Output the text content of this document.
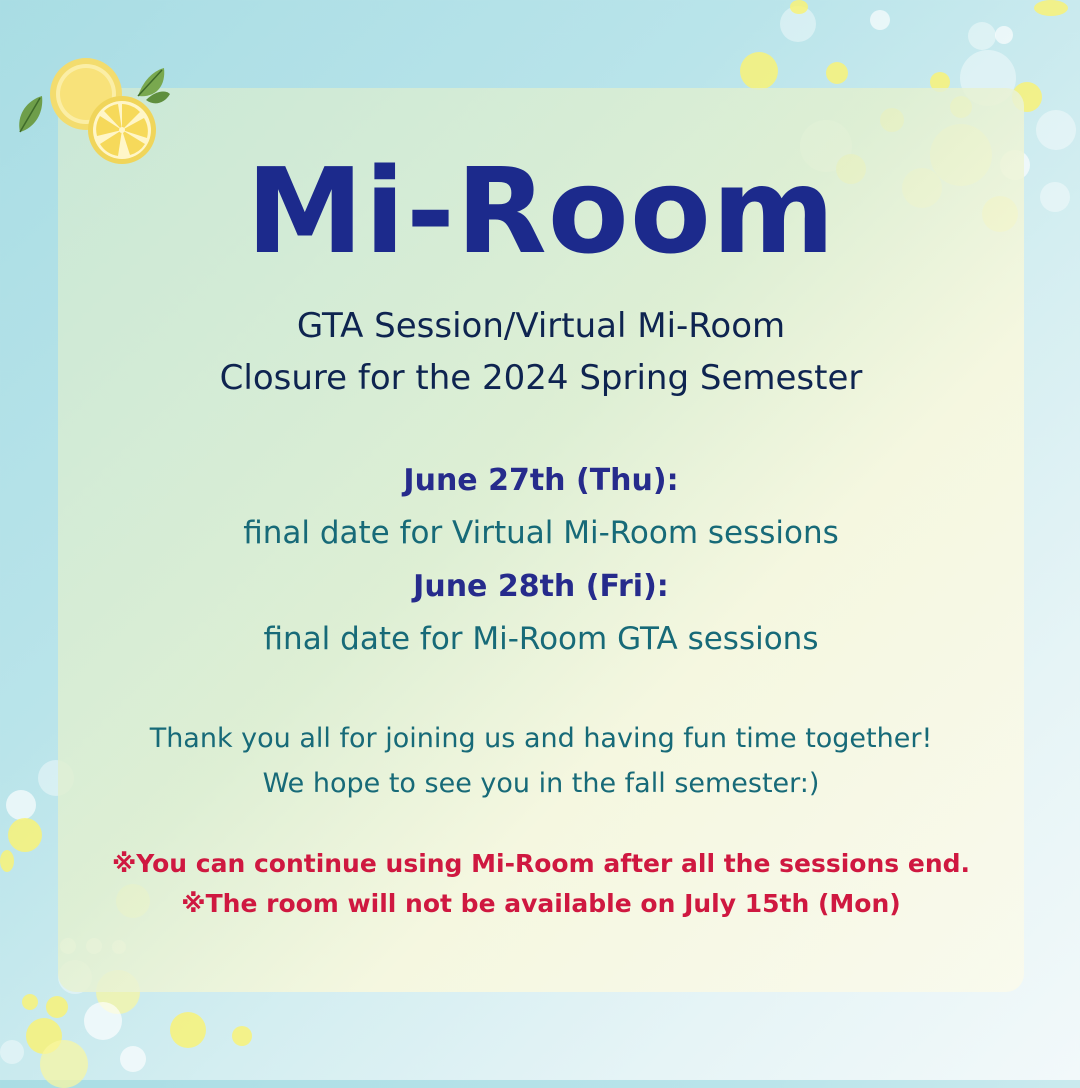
Mi-Room
GTA Session/Virtual Mi-Room
Closure for the 2024 Spring Semester
June 27th (Thu):
final date for Virtual Mi-Room sessions
June 28th (Fri):
final date for Mi-Room GTA sessions
Thank you all for joining us and having fun time together!
We hope to see you in the fall semester:)
※You can continue using Mi-Room after all the sessions end.
※The room will not be available on July 15th (Mon)
